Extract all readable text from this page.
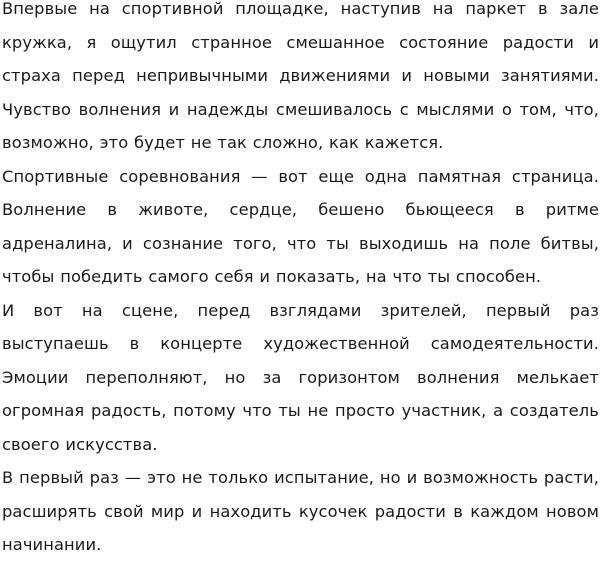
Впервые на спортивной площадке, наступив на паркет в зале кружка, я ощутил странное смешанное состояние радости и страха перед непривычными движениями и новыми занятиями. Чувство волнения и надежды смешивалось с мыслями о том, что, возможно, это будет не так сложно, как кажется.

Спортивные соревнования — вот еще одна памятная страница. Волнение в животе, сердце, бешено бьющееся в ритме адреналина, и сознание того, что ты выходишь на поле битвы, чтобы победить самого себя и показать, на что ты способен.

И вот на сцене, перед взглядами зрителей, первый раз выступаешь в концерте художественной самодеятельности. Эмоции переполняют, но за горизонтом волнения мелькает огромная радость, потому что ты не просто участник, а создатель своего искусства.

В первый раз — это не только испытание, но и возможность расти, расширять свой мир и находить кусочек радости в каждом новом начинании.
